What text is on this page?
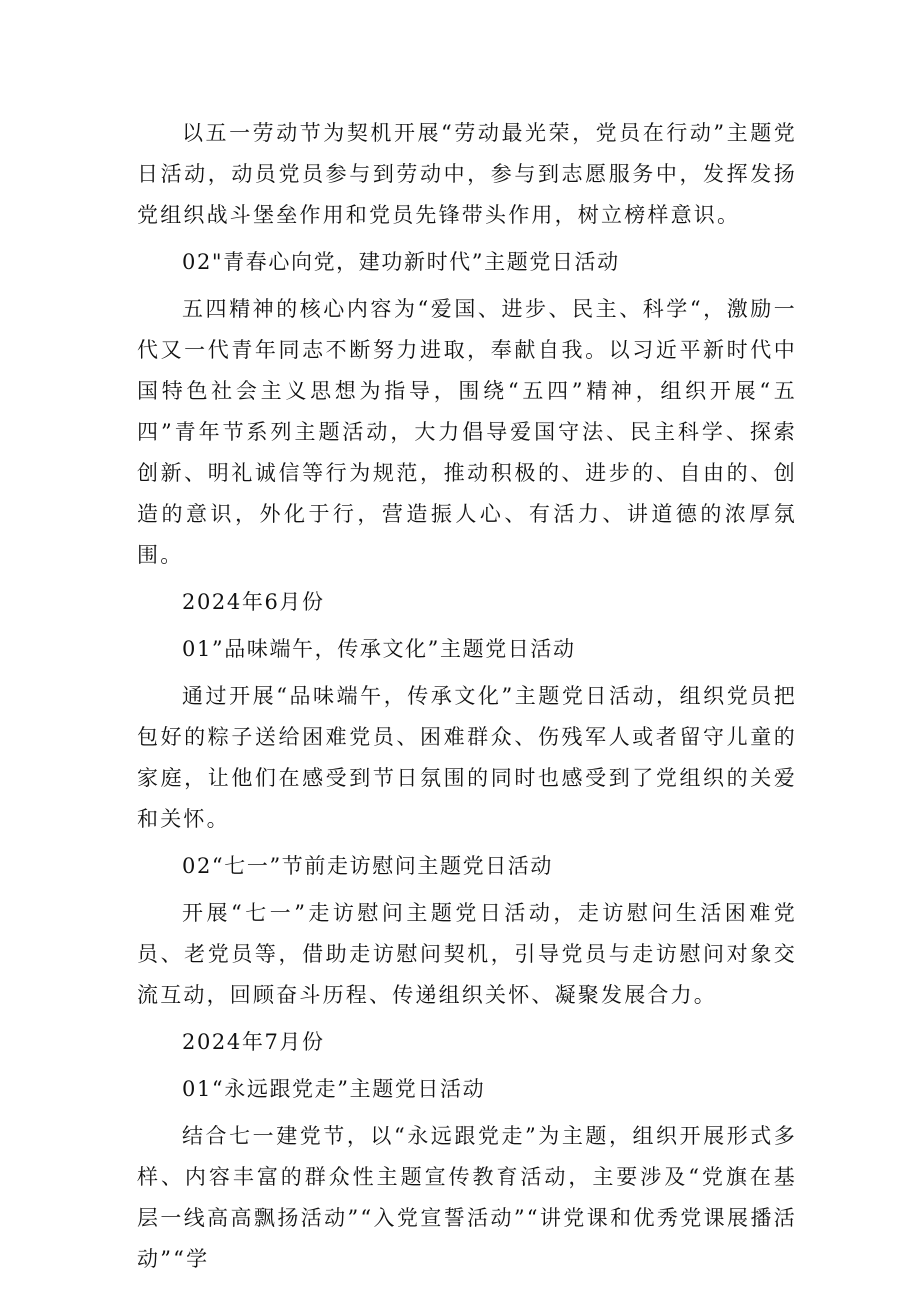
以五一劳动节为契机开展“劳动最光荣，党员在行动”主题党日活动，动员党员参与到劳动中，参与到志愿服务中，发挥发扬党组织战斗堡垒作用和党员先锋带头作用，树立榜样意识。

02"青春心向党，建功新时代”主题党日活动

五四精神的核心内容为“爱国、进步、民主、科学“，激励一代又一代青年同志不断努力进取，奉献自我。以习近平新时代中国特色社会主义思想为指导，围绕“五四”精神，组织开展“五四”青年节系列主题活动，大力倡导爱国守法、民主科学、探索创新、明礼诚信等行为规范，推动积极的、进步的、自由的、创造的意识，外化于行，营造振人心、有活力、讲道德的浓厚氛围。

2024年6月份

01”品味端午，传承文化”主题党日活动

通过开展“品味端午，传承文化”主题党日活动，组织党员把包好的粽子送给困难党员、困难群众、伤残军人或者留守儿童的家庭，让他们在感受到节日氛围的同时也感受到了党组织的关爱和关怀。

02“七一”节前走访慰问主题党日活动

开展“七一”走访慰问主题党日活动，走访慰问生活困难党员、老党员等，借助走访慰问契机，引导党员与走访慰问对象交流互动，回顾奋斗历程、传递组织关怀、凝聚发展合力。

2024年7月份

01“永远跟党走”主题党日活动

结合七一建党节，以“永远跟党走”为主题，组织开展形式多样、内容丰富的群众性主题宣传教育活动，主要涉及“党旗在基层一线高高飘扬活动”“入党宣誓活动”“讲党课和优秀党课展播活动”“学
